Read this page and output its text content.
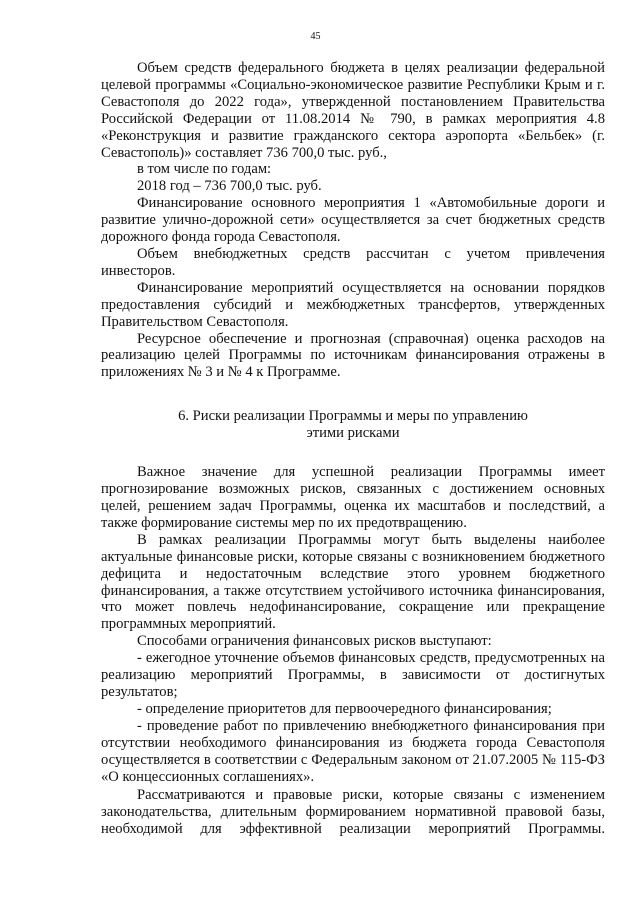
45

Объем средств федерального бюджета в целях реализации федеральной целевой программы «Социально-экономическое развитие Республики Крым и г. Севастополя до 2022 года», утвержденной постановлением Правительства Российской Федерации от 11.08.2014 № 790, в рамках мероприятия 4.8 «Реконструкция и развитие гражданского сектора аэропорта «Бельбек» (г. Севастополь)» составляет 736 700,0 тыс. руб.,

в том числе по годам:

2018 год – 736 700,0 тыс. руб.

Финансирование основного мероприятия 1 «Автомобильные дороги и развитие улично-дорожной сети» осуществляется за счет бюджетных средств дорожного фонда города Севастополя.

Объем внебюджетных средств рассчитан с учетом привлечения инвесторов.

Финансирование мероприятий осуществляется на основании порядков предоставления субсидий и межбюджетных трансфертов, утвержденных Правительством Севастополя.

Ресурсное обеспечение и прогнозная (справочная) оценка расходов на реализацию целей Программы по источникам финансирования отражены в приложениях № 3 и № 4 к Программе.

6. Риски реализации Программы и меры по управлению
этими рисками

Важное значение для успешной реализации Программы имеет прогнозирование возможных рисков, связанных с достижением основных целей, решением задач Программы, оценка их масштабов и последствий, а также формирование системы мер по их предотвращению.

В рамках реализации Программы могут быть выделены наиболее актуальные финансовые риски, которые связаны с возникновением бюджетного дефицита и недостаточным вследствие этого уровнем бюджетного финансирования, а также отсутствием устойчивого источника финансирования, что может повлечь недофинансирование, сокращение или прекращение программных мероприятий.

Способами ограничения финансовых рисков выступают:

- ежегодное уточнение объемов финансовых средств, предусмотренных на реализацию мероприятий Программы, в зависимости от достигнутых результатов;

- определение приоритетов для первоочередного финансирования;

- проведение работ по привлечению внебюджетного финансирования при отсутствии необходимого финансирования из бюджета города Севастополя осуществляется в соответствии с Федеральным законом от 21.07.2005 № 115-ФЗ «О концессионных соглашениях».

Рассматриваются и правовые риски, которые связаны с изменением законодательства, длительным формированием нормативной правовой базы, необходимой для эффективной реализации мероприятий Программы.
